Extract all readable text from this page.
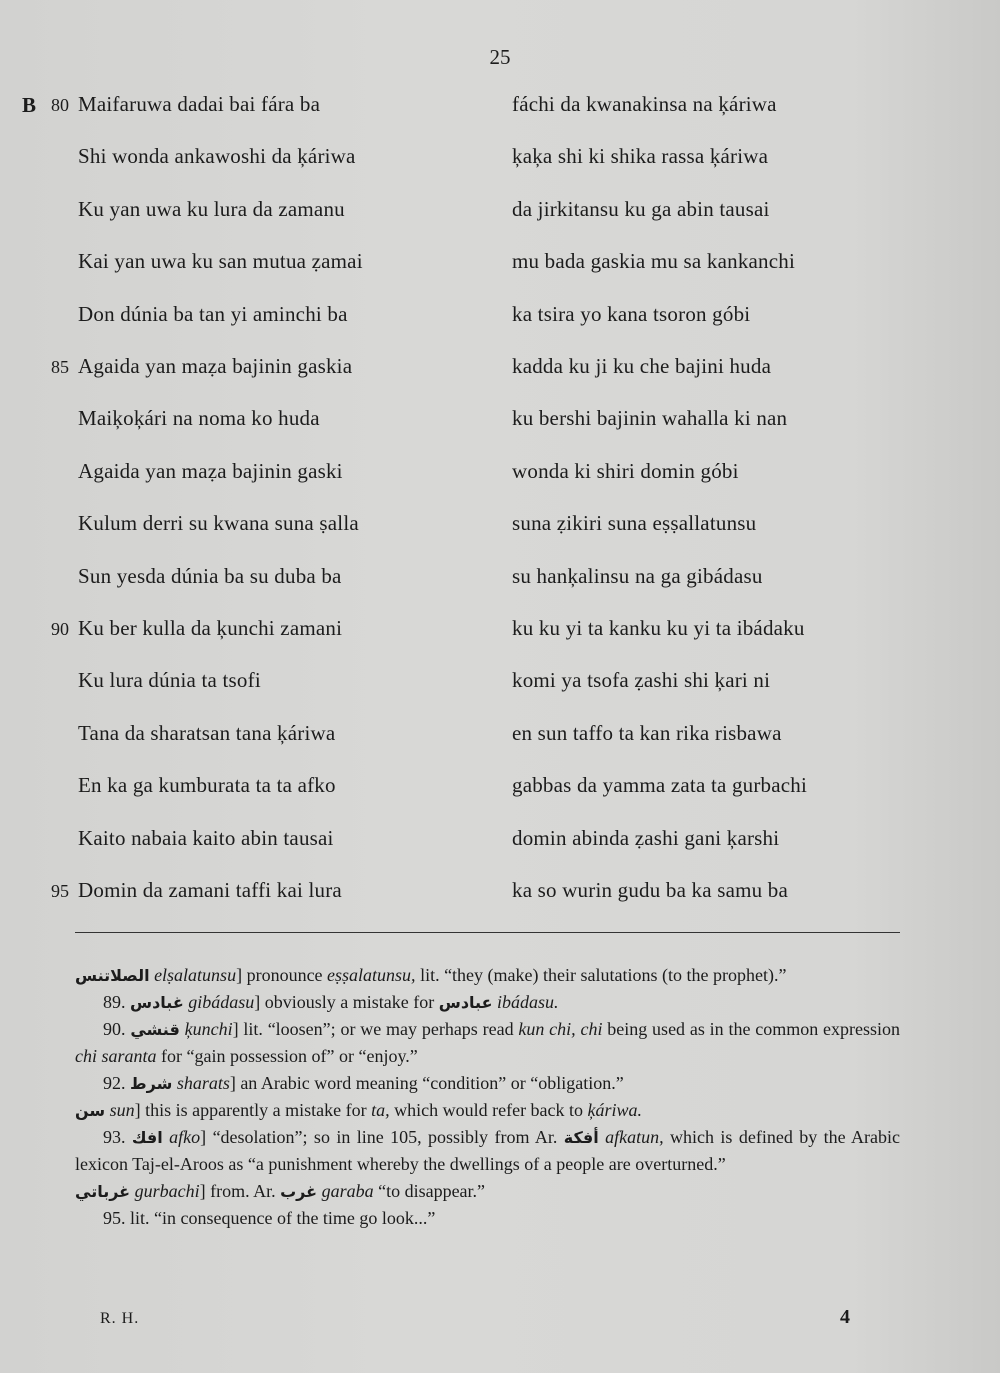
25
B 80 Maifaruwa dadai bai fára ba	fáchi da kwanakinsa na ķáriwa
Shi wonda ankawoshi da ķáriwa	ķaķa shi ki shika rassa ķáriwa
Ku yan uwa ku lura da zamanu	da jirkitansu ku ga abin tausai
Kai yan uwa ku san mutua ẓamai	mu bada gaskia mu sa kankanchi
Don dúnia ba tan yi aminchi ba	ka tsira yo kana tsoron góbi
85 Agaida yan maẓa bajinin gaskia	kadda ku ji ku che bajini huda
Maiķoķári na noma ko huda	ku bershi bajinin wahalla ki nan
Agaida yan maẓa bajinin gaski	wonda ki shiri domin góbi
Kulum derri su kwana suna ṣalla	suna ẓikiri suna eṣṣallatunsu
Sun yesda dúnia ba su duba ba	su hanķalinsu na ga gibádasu
90 Ku ber kulla da ķunchi zamani	ku ku yi ta kanku ku yi ta ibádaku
Ku lura dúnia ta tsofi	komi ya tsofa ẓashi shi ķari ni
Tana da sharatsan tana ķáriwa	en sun taffo ta kan rika risbawa
En ka ga kumburata ta ta afko	gabbas da yamma zata ta gurbachi
Kaito nabaia kaito abin tausai	domin abinda ẓashi gani ķarshi
95 Domin da zamani taffi kai lura	ka so wurin gudu ba ka samu ba

الصلاتنس elṣalatunsu] pronounce eṣṣalatunsu, lit. “they (make) their salutations (to the prophet).”

89. غبادس gibádasu] obviously a mistake for عبادس ibádasu.

90. قنشي ķunchi] lit. “loosen”; or we may perhaps read kun chi, chi being used as in the common expression chi saranta for “gain possession of” or “enjoy.”

92. شرط sharats] an Arabic word meaning “condition” or “obligation.”

سن sun] this is apparently a mistake for ta, which would refer back to ķáriwa.

93. افك afko] “desolation”; so in line 105, possibly from Ar. أفكة afkatun, which is defined by the Arabic lexicon Taj-el-Aroos as “a punishment whereby the dwellings of a people are overturned.”

غرباتي gurbachi] from. Ar. غرب garaba “to disappear.”

95. lit. “in consequence of the time go look...”

R. H.	4
